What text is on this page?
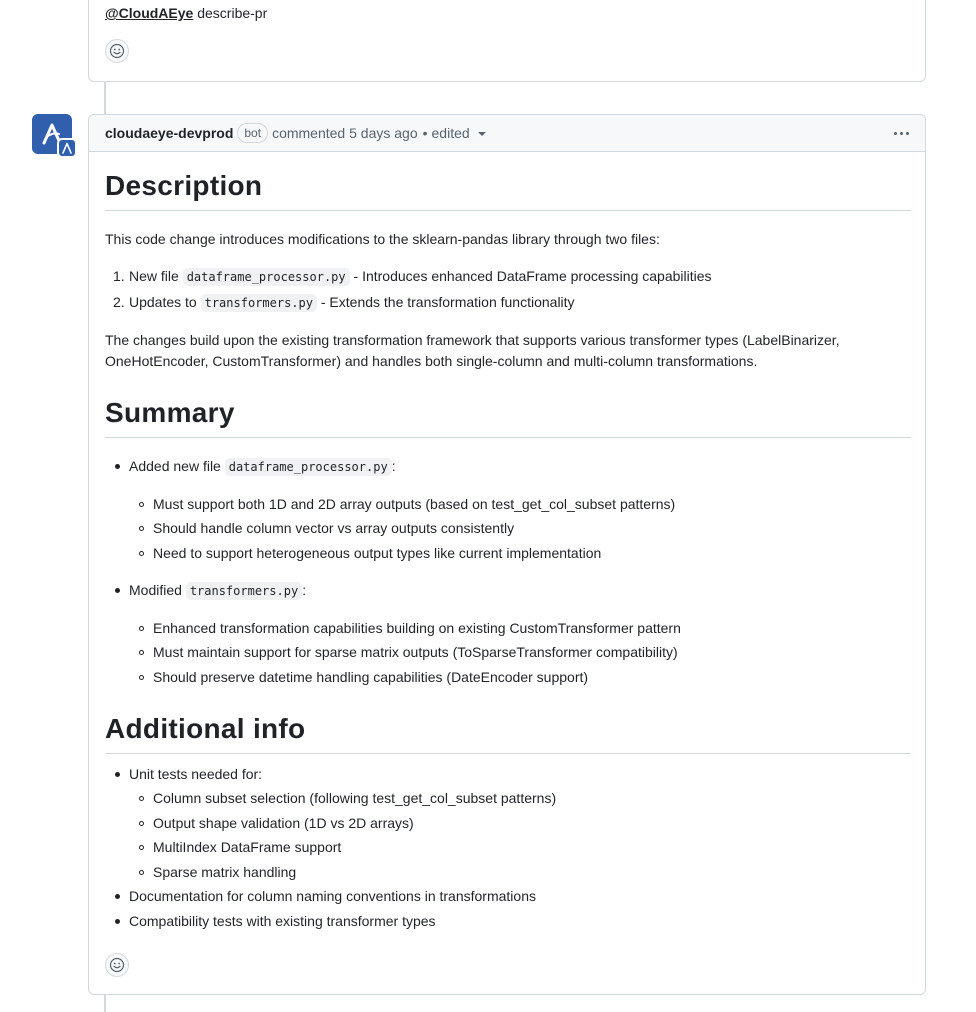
@CloudAEye describe-pr
cloudaeye-devprod bot commented
5 days ago • edited
Description

This code change introduces modifications to the sklearn-pandas library through two files:

1. New file dataframe_processor.py - Introduces enhanced DataFrame processing capabilities
2. Updates to transformers.py - Extends the transformation functionality

The changes build upon the existing transformation framework that supports various transformer types (LabelBinarizer, OneHotEncoder, CustomTransformer) and handles both single-column and multi-column transformations.

Summary
Added new file dataframe_processor.py :
Must support both 1D and 2D array outputs (based on test_get_col_subset patterns)
Should handle column vector vs array outputs consistently
Need to support heterogeneous output types like current implementation
Modified transformers.py :
Enhanced transformation capabilities building on existing CustomTransformer pattern
Must maintain support for sparse matrix outputs (ToSparseTransformer compatibility)
Should preserve datetime handling capabilities (DateEncoder support)
Additional info
Unit tests needed for:
Column subset selection (following test_get_col_subset patterns)
Output shape validation (1D vs 2D arrays)
MultiIndex DataFrame support
Sparse matrix handling
Documentation for column naming conventions in transformations
Compatibility tests with existing transformer types
